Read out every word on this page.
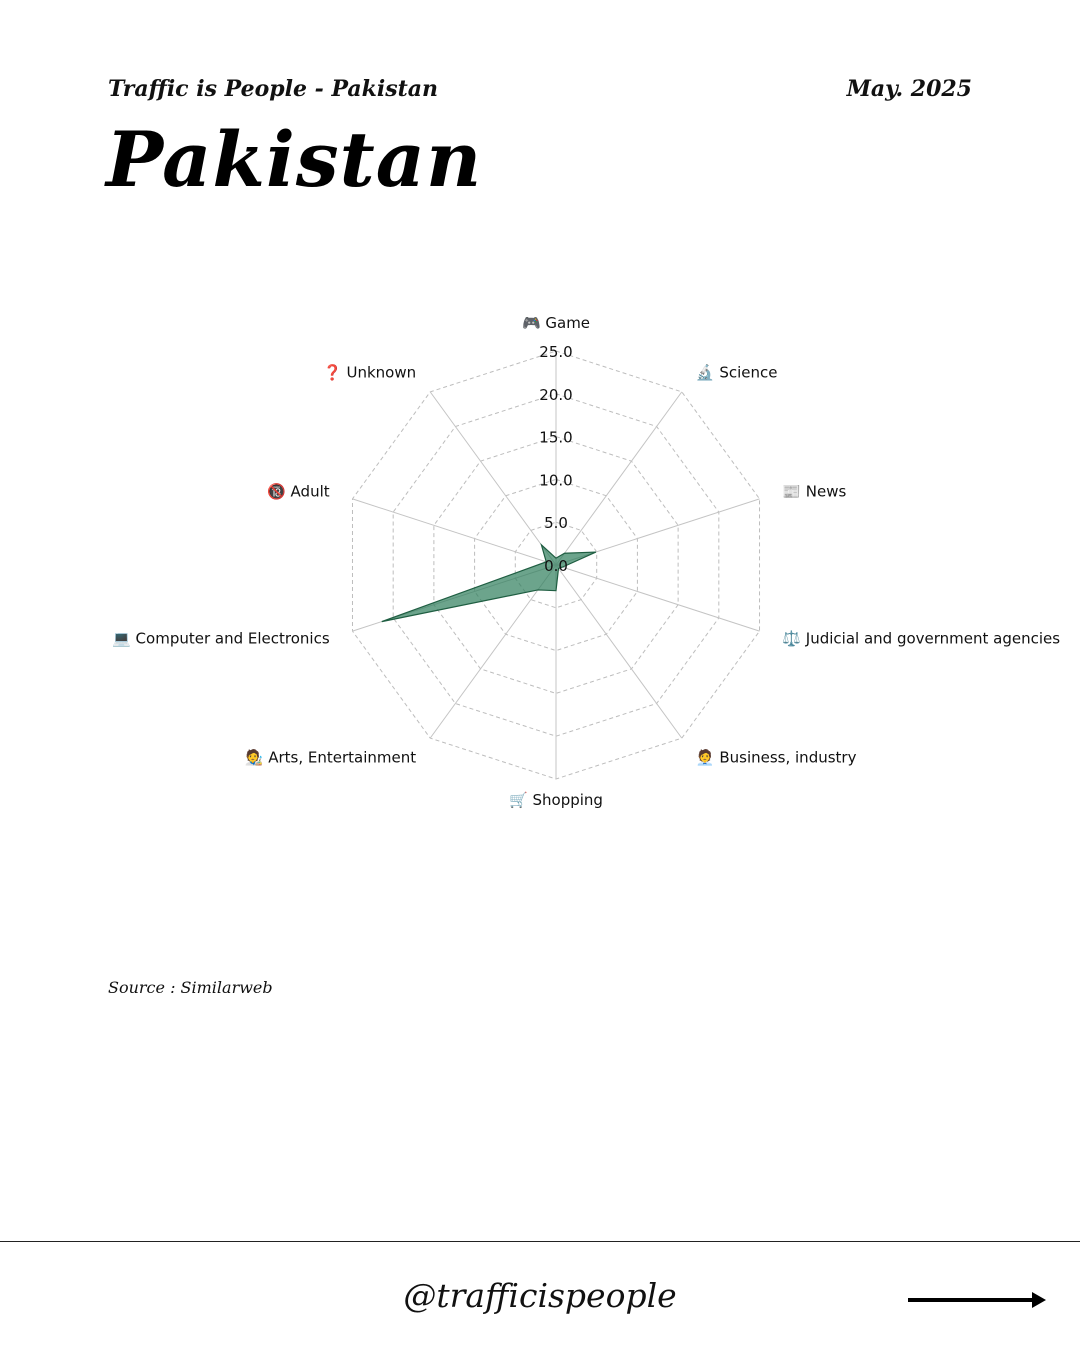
Traffic is People - Pakistan	May. 2025
Pakistan
0.0
5.0
10.0
15.0
20.0
25.0
🎮 Game
🔬 Science
📰 News
⚖️ Judicial and government agencies
🧑‍💼 Business, industry
🛒 Shopping
🧑‍🎨 Arts, Entertainment
💻 Computer and Electronics
🔞 Adult
❓ Unknown
Source : Similarweb
@trafficispeople
